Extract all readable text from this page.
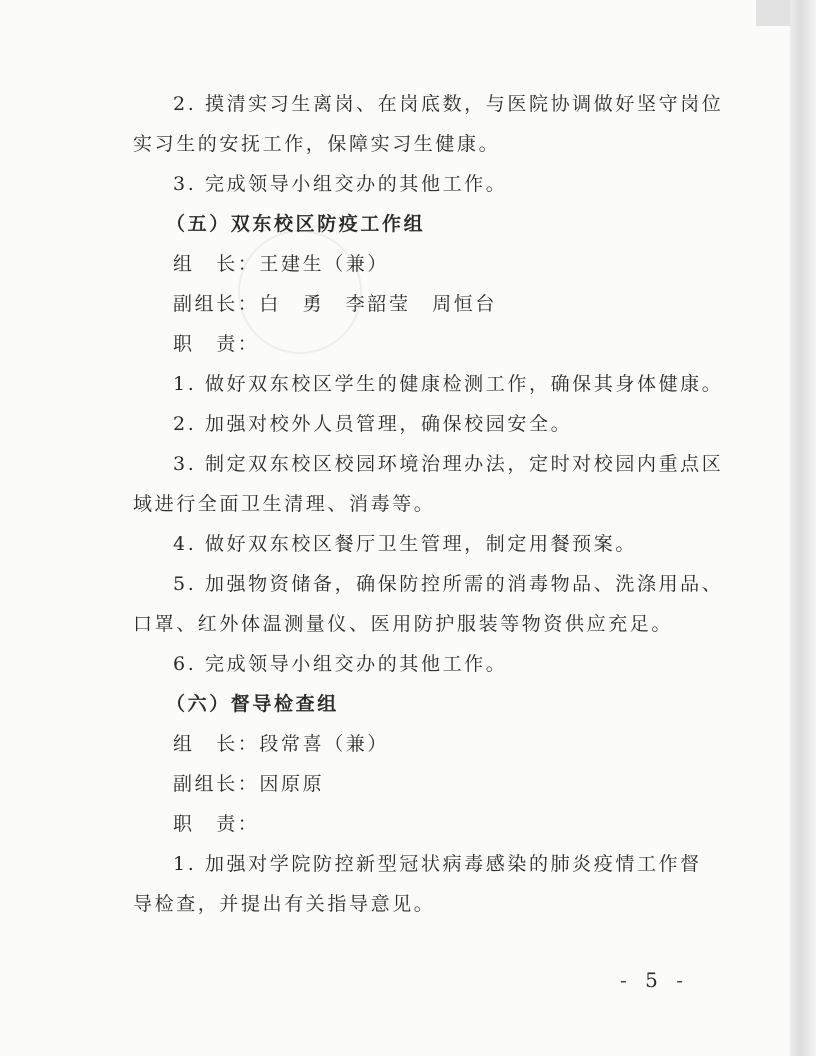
2. 摸清实习生离岗、在岗底数，与医院协调做好坚守岗位
实习生的安抚工作，保障实习生健康。
3. 完成领导小组交办的其他工作。
（五）双东校区防疫工作组
组　长：王建生（兼）
副组长：白　勇　李韶莹　周恒台
职　责：
1. 做好双东校区学生的健康检测工作，确保其身体健康。
2. 加强对校外人员管理，确保校园安全。
3. 制定双东校区校园环境治理办法，定时对校园内重点区
域进行全面卫生清理、消毒等。
4. 做好双东校区餐厅卫生管理，制定用餐预案。
5. 加强物资储备，确保防控所需的消毒物品、洗涤用品、
口罩、红外体温测量仪、医用防护服装等物资供应充足。
6. 完成领导小组交办的其他工作。
（六）督导检查组
组　长：段常喜（兼）
副组长：因原原
职　责：
1. 加强对学院防控新型冠状病毒感染的肺炎疫情工作督
导检查，并提出有关指导意见。
- 5 -
